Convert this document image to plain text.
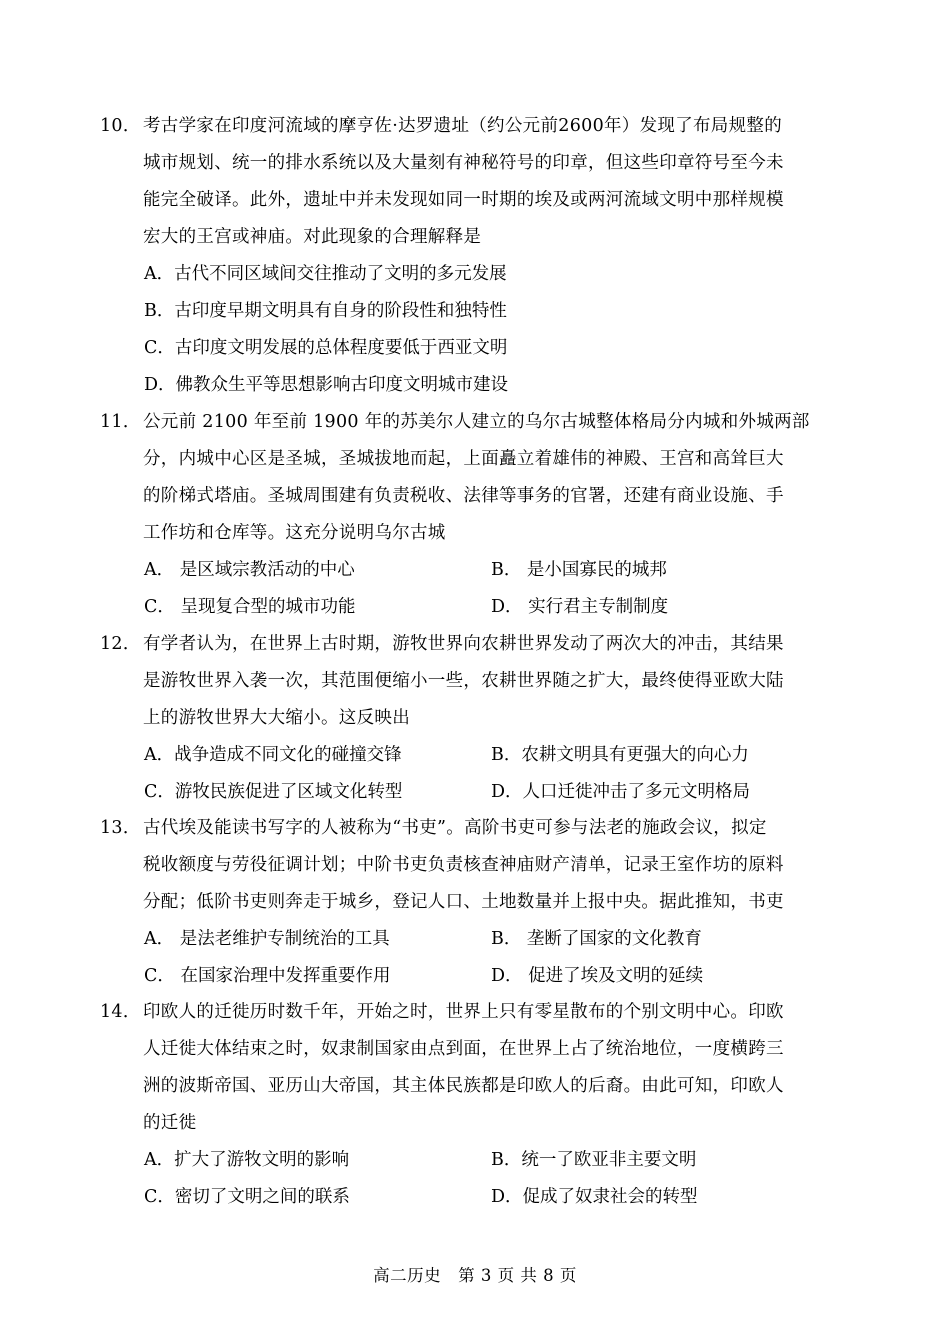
10． 考古学家在印度河流域的摩亨佐·达罗遗址（约公元前2600年）发现了布局规整的
城市规划、统一的排水系统以及大量刻有神秘符号的印章，但这些印章符号至今未
能完全破译。此外，遗址中并未发现如同一时期的埃及或两河流域文明中那样规模
宏大的王宫或神庙。对此现象的合理解释是
A．古代不同区域间交往推动了文明的多元发展
B．古印度早期文明具有自身的阶段性和独特性
C．古印度文明发展的总体程度要低于西亚文明
D．佛教众生平等思想影响古印度文明城市建设
11． 公元前 2100 年至前 1900 年的苏美尔人建立的乌尔古城整体格局分内城和外城两部
分，内城中心区是圣城，圣城拔地而起，上面矗立着雄伟的神殿、王宫和高耸巨大
的阶梯式塔庙。圣城周围建有负责税收、法律等事务的官署，还建有商业设施、手
工作坊和仓库等。这充分说明乌尔古城
A． 是区域宗教活动的中心	B． 是小国寡民的城邦
C． 呈现复合型的城市功能	D． 实行君主专制制度
12． 有学者认为，在世界上古时期，游牧世界向农耕世界发动了两次大的冲击，其结果
是游牧世界入袭一次，其范围便缩小一些，农耕世界随之扩大，最终使得亚欧大陆
上的游牧世界大大缩小。这反映出
A．战争造成不同文化的碰撞交锋	B．农耕文明具有更强大的向心力
C．游牧民族促进了区域文化转型	D．人口迁徙冲击了多元文明格局
13． 古代埃及能读书写字的人被称为“书吏”。高阶书吏可参与法老的施政会议，拟定
税收额度与劳役征调计划；中阶书吏负责核查神庙财产清单，记录王室作坊的原料
分配；低阶书吏则奔走于城乡，登记人口、土地数量并上报中央。据此推知，书吏
A． 是法老维护专制统治的工具	B． 垄断了国家的文化教育
C． 在国家治理中发挥重要作用	D． 促进了埃及文明的延续
14． 印欧人的迁徙历时数千年，开始之时，世界上只有零星散布的个别文明中心。印欧
人迁徙大体结束之时，奴隶制国家由点到面，在世界上占了统治地位，一度横跨三
洲的波斯帝国、亚历山大帝国，其主体民族都是印欧人的后裔。由此可知，印欧人
的迁徙
A．扩大了游牧文明的影响	B．统一了欧亚非主要文明
C．密切了文明之间的联系	D．促成了奴隶社会的转型
高二历史　第 3 页 共 8 页
